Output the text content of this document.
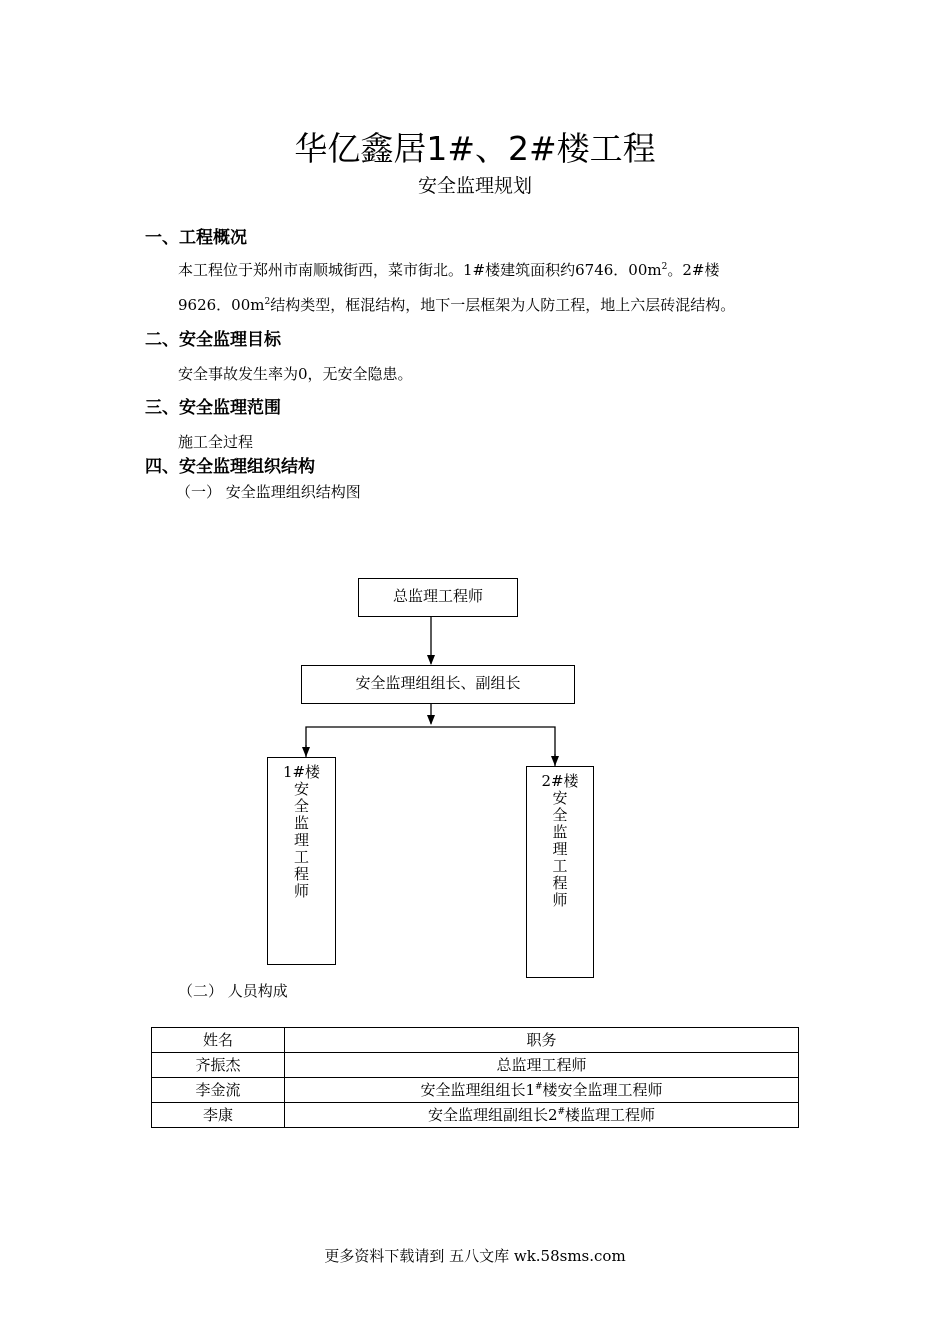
华亿鑫居1#、2#楼工程
安全监理规划
一、工程概况
本工程位于郑州市南顺城街西，菜市街北。1#楼建筑面积约6746．$00m^2$。2#楼
9626．$00m^2$结构类型，框混结构，地下一层框架为人防工程，地上六层砖混结构。
二、安全监理目标
安全事故发生率为0，无安全隐患。
三、安全监理范围
施工全过程
四、安全监理组织结构
（一） 安全监理组织结构图
总监理工程师
安全监理组组长、副组长
1#楼
安
全
监
理
工
程
师
2#楼
安
全
监
理
工
程
师
（二） 人员构成
姓名	职务
齐振杰	总监理工程师
李金流	安全监理组组长1#楼安全监理工程师
李康	安全监理组副组长2#楼监理工程师
更多资料下载请到 五八文库 wk.58sms.com
